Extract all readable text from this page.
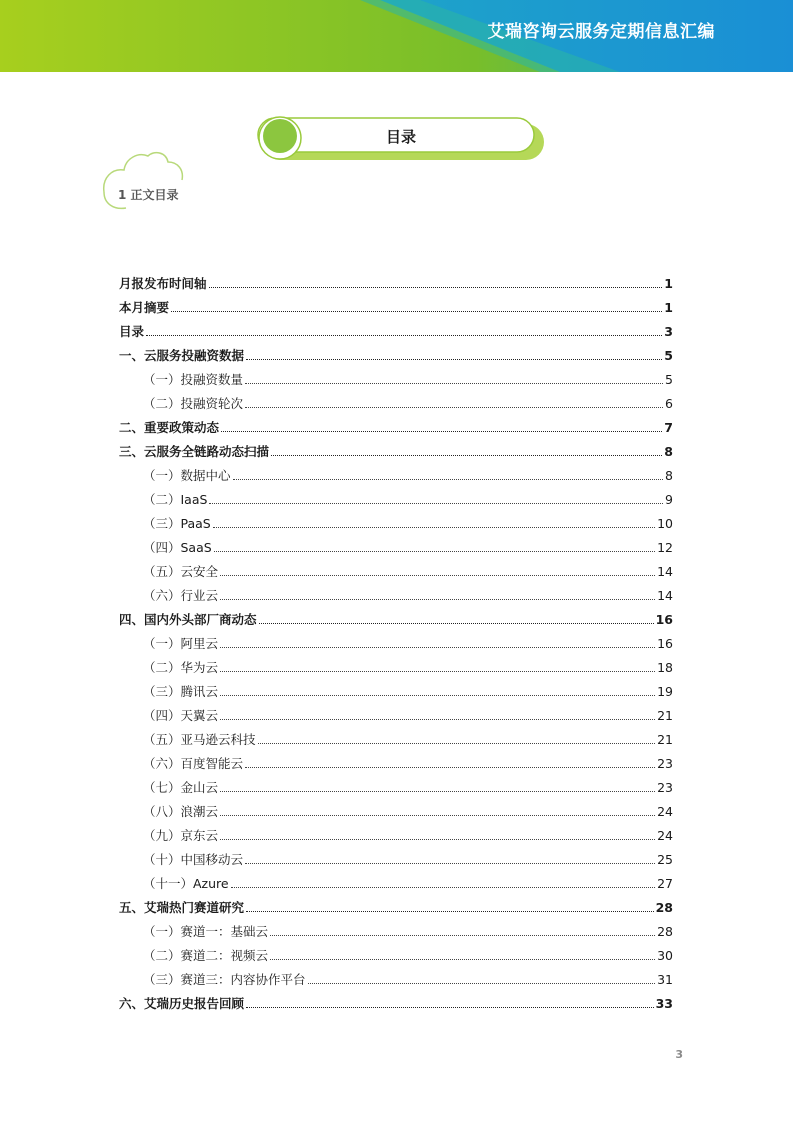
艾瑞咨询云服务定期信息汇编
目录
1 正文目录
月报发布时间轴	1
本月摘要	1
目录	3
一、云服务投融资数据	5
（一）投融资数量	5
（二）投融资轮次	6
二、重要政策动态	7
三、云服务全链路动态扫描	8
（一）数据中心	8
（二）IaaS	9
（三）PaaS	10
（四）SaaS	12
（五）云安全	14
（六）行业云	14
四、国内外头部厂商动态	16
（一）阿里云	16
（二）华为云	18
（三）腾讯云	19
（四）天翼云	21
（五）亚马逊云科技	21
（六）百度智能云	23
（七）金山云	23
（八）浪潮云	24
（九）京东云	24
（十）中国移动云	25
（十一）Azure	27
五、艾瑞热门赛道研究	28
（一）赛道一：基础云	28
（二）赛道二：视频云	30
（三）赛道三：内容协作平台	31
六、艾瑞历史报告回顾	33
3
